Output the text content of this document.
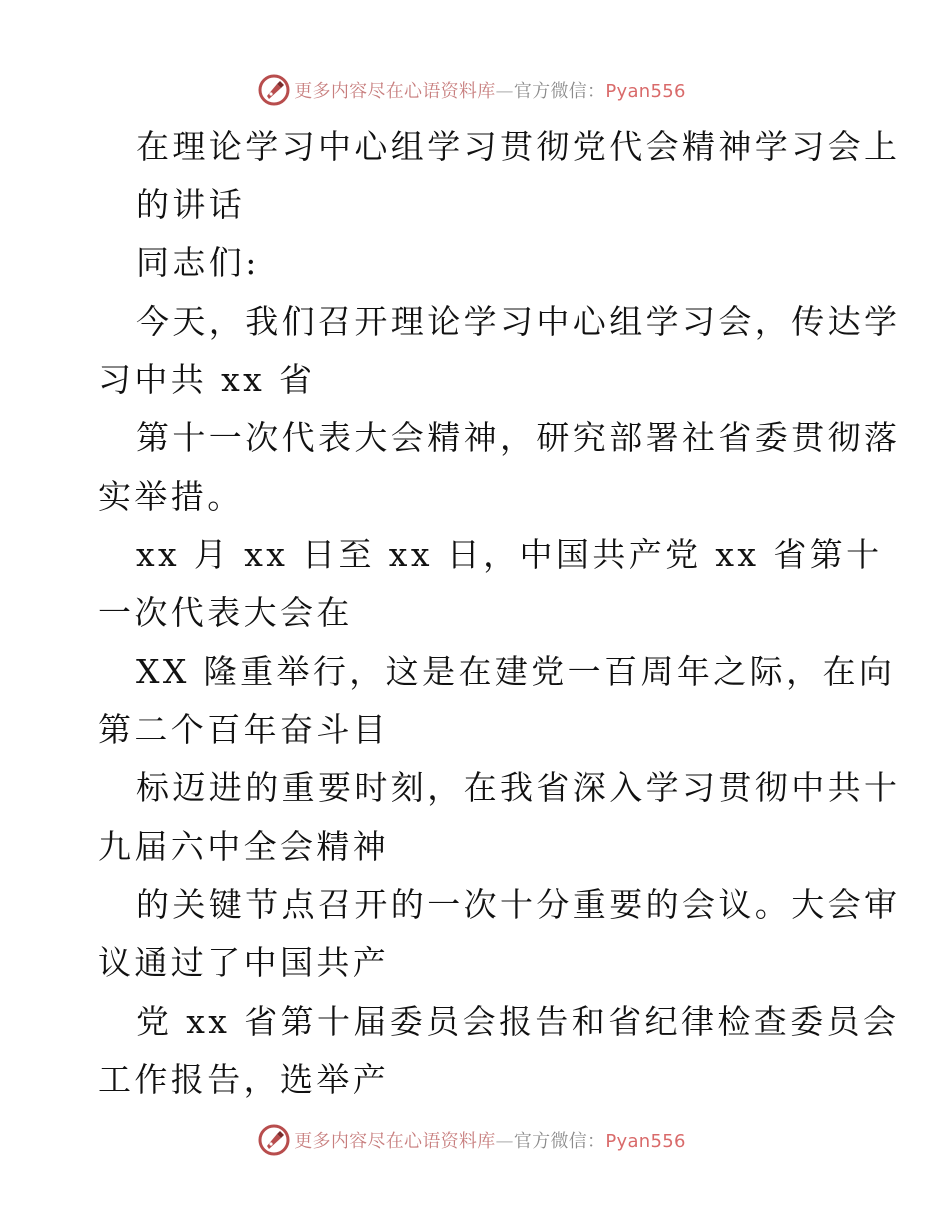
更多内容尽在心语资料库—官方微信：Pyan556
在理论学习中心组学习贯彻党代会精神学习会上
的讲话
同志们:
今天，我们召开理论学习中心组学习会，传达学
习中共 xx 省
第十一次代表大会精神，研究部署社省委贯彻落
实举措。
xx 月 xx 日至 xx 日，中国共产党 xx 省第十
一次代表大会在
XX 隆重举行，这是在建党一百周年之际，在向
第二个百年奋斗目
标迈进的重要时刻，在我省深入学习贯彻中共十
九届六中全会精神
的关键节点召开的一次十分重要的会议。大会审
议通过了中国共产
党 xx 省第十届委员会报告和省纪律检查委员会
工作报告，选举产
更多内容尽在心语资料库—官方微信：Pyan556
